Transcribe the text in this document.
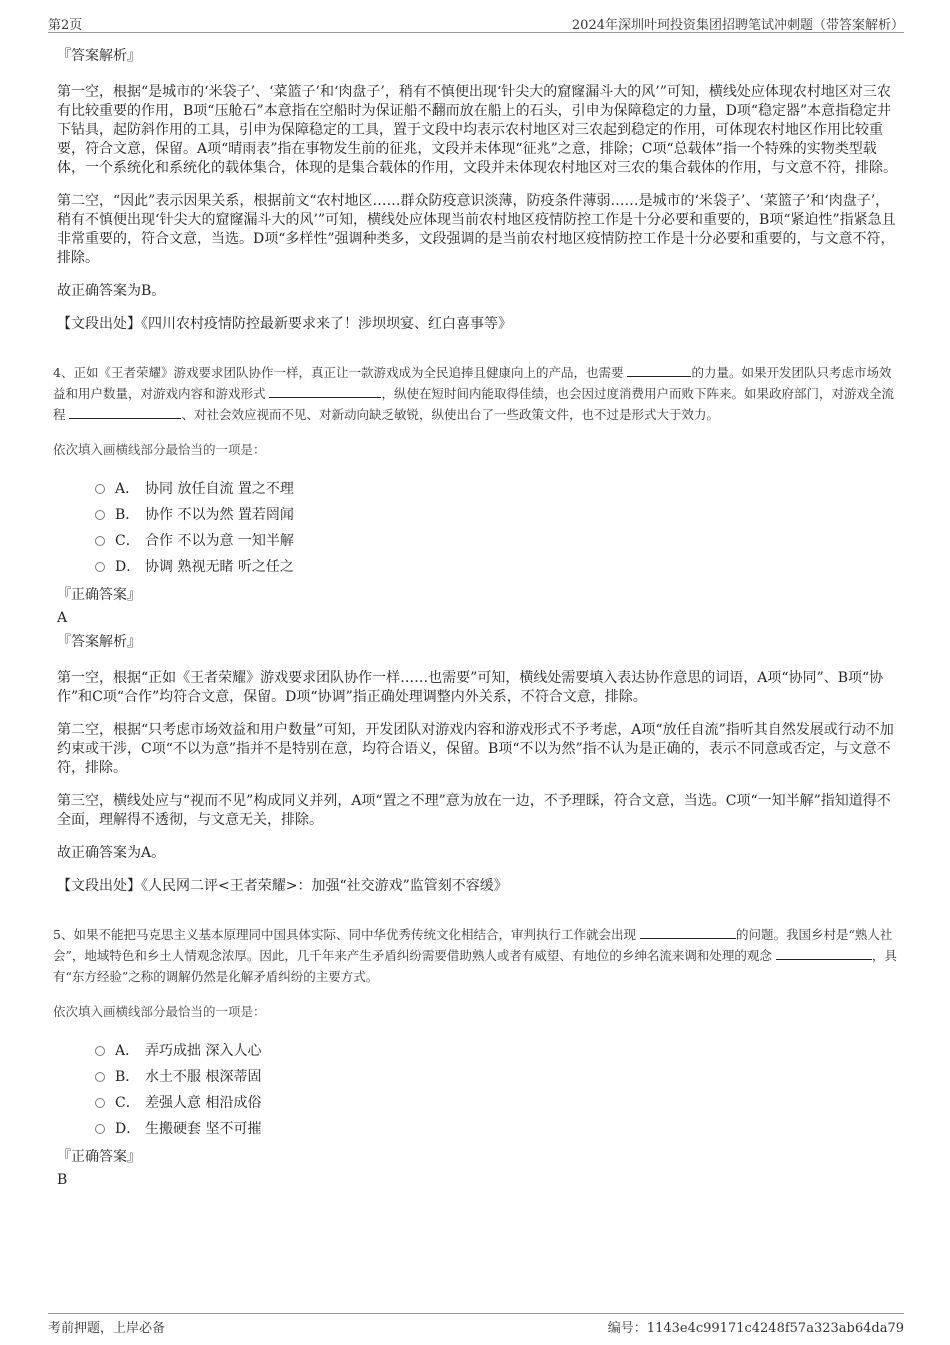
第2页	2024年深圳叶珂投资集团招聘笔试冲刺题（带答案解析）

『答案解析』

第一空，根据“是城市的‘米袋子’、‘菜篮子’和‘肉盘子’，稍有不慎便出现‘针尖大的窟窿漏斗大的风’”可知，横线处应体现农村地区对三农有比较重要的作用，B项“压舱石”本意指在空船时为保证船不翻而放在船上的石头，引申为保障稳定的力量，D项“稳定器”本意指稳定井下钻具，起防斜作用的工具，引申为保障稳定的工具，置于文段中均表示农村地区对三农起到稳定的作用，可体现农村地区作用比较重要，符合文意，保留。A项“晴雨表”指在事物发生前的征兆，文段并未体现“征兆”之意，排除；C项“总载体”指一个特殊的实物类型载体，一个系统化和系统化的载体集合，体现的是集合载体的作用，文段并未体现农村地区对三农的集合载体的作用，与文意不符，排除。

第二空，“因此”表示因果关系，根据前文“农村地区……群众防疫意识淡薄，防疫条件薄弱……是城市的‘米袋子’、‘菜篮子’和‘肉盘子’，稍有不慎便出现‘针尖大的窟窿漏斗大的风’”可知，横线处应体现当前农村地区疫情防控工作是十分必要和重要的，B项“紧迫性”指紧急且非常重要的，符合文意，当选。D项“多样性”强调种类多，文段强调的是当前农村地区疫情防控工作是十分必要和重要的，与文意不符，排除。

故正确答案为B。

【文段出处】《四川农村疫情防控最新要求来了！涉坝坝宴、红白喜事等》

4、正如《王者荣耀》游戏要求团队协作一样，真正让一款游戏成为全民追捧且健康向上的产品，也需要	的力量。如果开发团队只考虑市场效益和用户数量，对游戏内容和游戏形式	，纵使在短时间内能取得佳绩，也会因过度消费用户而败下阵来。如果政府部门，对游戏全流程	、对社会效应视而不见、对新动向缺乏敏锐，纵使出台了一些政策文件，也不过是形式大于效力。

依次填入画横线部分最恰当的一项是：

A． 协同 放任自流 置之不理
B． 协作 不以为然 置若罔闻
C． 合作 不以为意 一知半解
D． 协调 熟视无睹 听之任之

『正确答案』

A

『答案解析』

第一空，根据“正如《王者荣耀》游戏要求团队协作一样……也需要”可知，横线处需要填入表达协作意思的词语，A项“协同”、B项“协作”和C项“合作”均符合文意，保留。D项“协调”指正确处理调整内外关系，不符合文意，排除。

第二空，根据“只考虑市场效益和用户数量”可知，开发团队对游戏内容和游戏形式不予考虑，A项“放任自流”指听其自然发展或行动不加约束或干涉，C项“不以为意”指并不是特别在意，均符合语义，保留。B项“不以为然”指不认为是正确的，表示不同意或否定，与文意不符，排除。

第三空，横线处应与“视而不见”构成同义并列，A项“置之不理”意为放在一边，不予理睬，符合文意，当选。C项“一知半解”指知道得不全面，理解得不透彻，与文意无关，排除。

故正确答案为A。

【文段出处】《人民网二评<王者荣耀>：加强“社交游戏”监管刻不容缓》

5、如果不能把马克思主义基本原理同中国具体实际、同中华优秀传统文化相结合，审判执行工作就会出现	的问题。我国乡村是“熟人社会”，地域特色和乡土人情观念浓厚。因此，几千年来产生矛盾纠纷需要借助熟人或者有威望、有地位的乡绅名流来调和处理的观念	，具有“东方经验”之称的调解仍然是化解矛盾纠纷的主要方式。

依次填入画横线部分最恰当的一项是：

A． 弄巧成拙 深入人心
B． 水土不服 根深蒂固
C． 差强人意 相沿成俗
D． 生搬硬套 坚不可摧

『正确答案』

B

考前押题，上岸必备	编号：1143e4c99171c4248f57a323ab64da79
